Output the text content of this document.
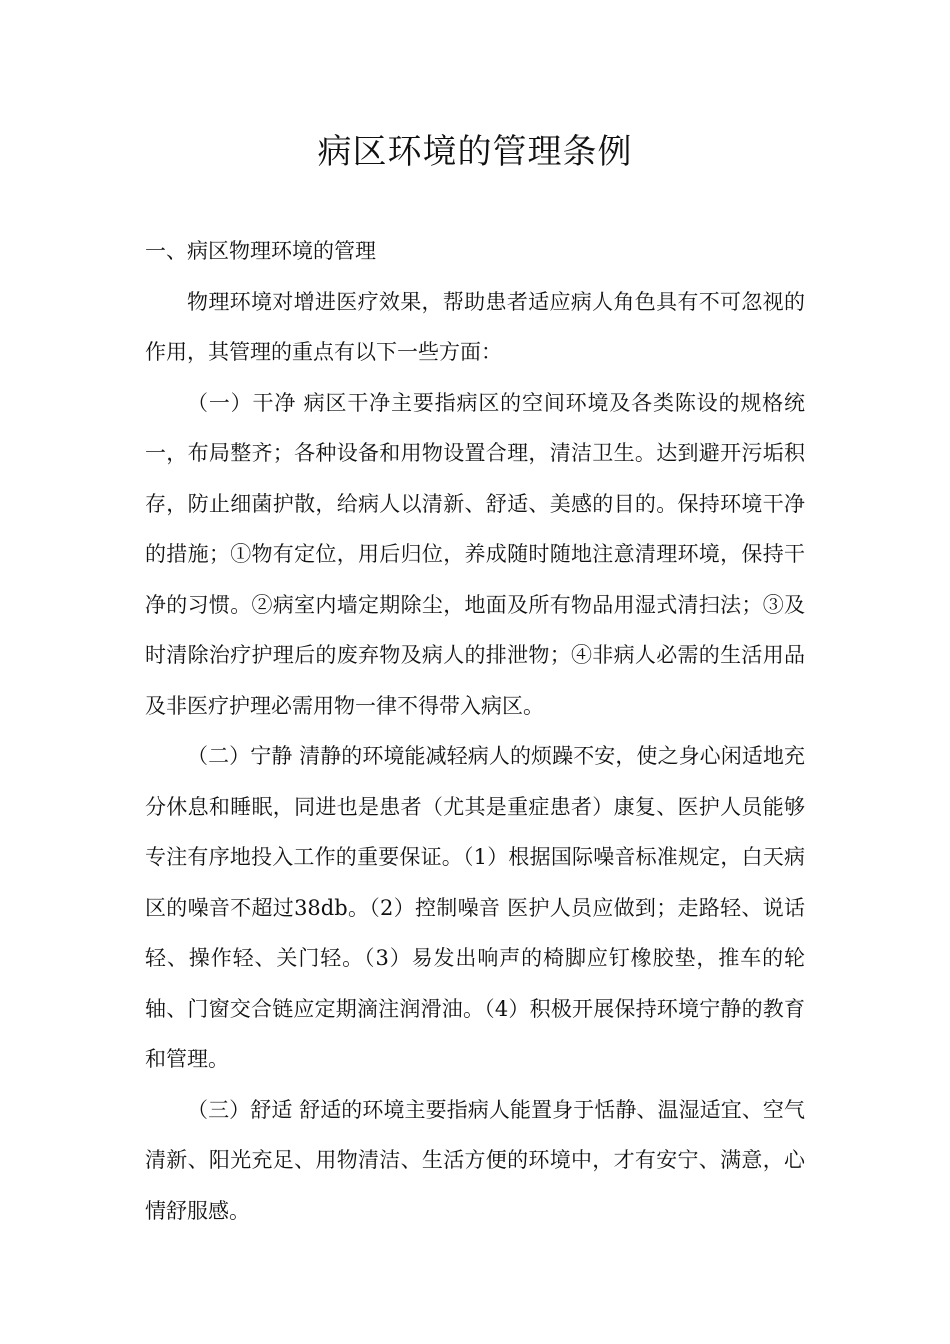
病区环境的管理条例

一、病区物理环境的管理

物理环境对增进医疗效果，帮助患者适应病人角色具有不可忽视的作用，其管理的重点有以下一些方面：

（一）干净 病区干净主要指病区的空间环境及各类陈设的规格统一，布局整齐；各种设备和用物设置合理，清洁卫生。达到避开污垢积存，防止细菌护散，给病人以清新、舒适、美感的目的。保持环境干净的措施；①物有定位，用后归位，养成随时随地注意清理环境，保持干净的习惯。②病室内墙定期除尘，地面及所有物品用湿式清扫法；③及时清除治疗护理后的废弃物及病人的排泄物；④非病人必需的生活用品及非医疗护理必需用物一律不得带入病区。

（二）宁静 清静的环境能减轻病人的烦躁不安，使之身心闲适地充分休息和睡眠，同进也是患者（尤其是重症患者）康复、医护人员能够专注有序地投入工作的重要保证。（1）根据国际噪音标准规定，白天病区的噪音不超过38db。（2）控制噪音 医护人员应做到；走路轻、说话轻、操作轻、关门轻。（3）易发出响声的椅脚应钉橡胶垫，推车的轮轴、门窗交合链应定期滴注润滑油。（4）积极开展保持环境宁静的教育和管理。

（三）舒适 舒适的环境主要指病人能置身于恬静、温湿适宜、空气清新、阳光充足、用物清洁、生活方便的环境中，才有安宁、满意，心情舒服感。
